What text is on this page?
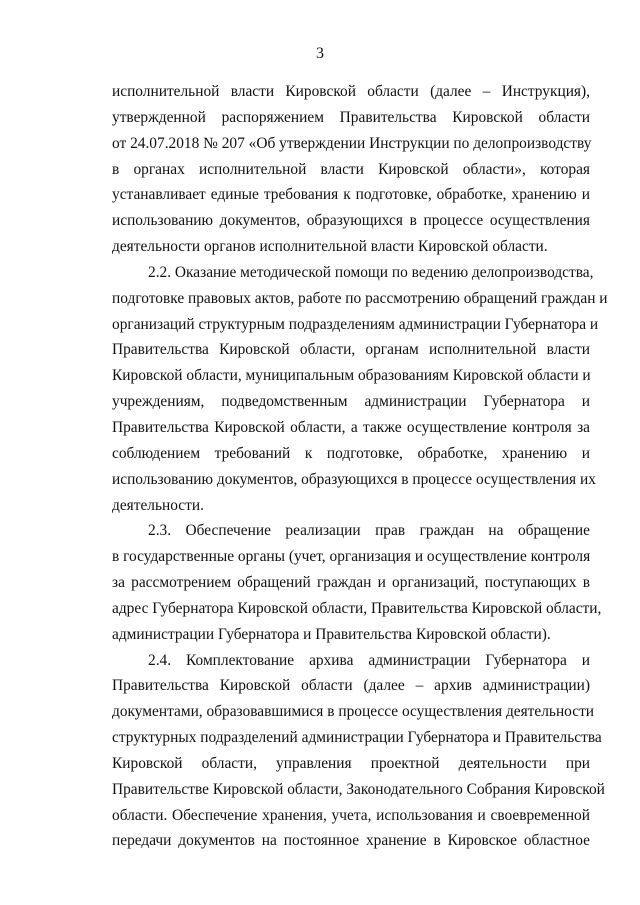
3
исполнительной власти Кировской области (далее – Инструкция),
утвержденной распоряжением Правительства Кировской области
от 24.07.2018 № 207 «Об утверждении Инструкции по делопроизводству
в органах исполнительной власти Кировской области», которая
устанавливает единые требования к подготовке, обработке, хранению и
использованию документов, образующихся в процессе осуществления
деятельности органов исполнительной власти Кировской области.
2.2. Оказание методической помощи по ведению делопроизводства,
подготовке правовых актов, работе по рассмотрению обращений граждан и
организаций структурным подразделениям администрации Губернатора и
Правительства Кировской области, органам исполнительной власти
Кировской области, муниципальным образованиям Кировской области и
учреждениям, подведомственным администрации Губернатора и
Правительства Кировской области, а также осуществление контроля за
соблюдением требований к подготовке, обработке, хранению и
использованию документов, образующихся в процессе осуществления их
деятельности.
2.3. Обеспечение реализации прав граждан на обращение
в государственные органы (учет, организация и осуществление контроля
за рассмотрением обращений граждан и организаций, поступающих в
адрес Губернатора Кировской области, Правительства Кировской области,
администрации Губернатора и Правительства Кировской области).
2.4. Комплектование архива администрации Губернатора и
Правительства Кировской области (далее – архив администрации)
документами, образовавшимися в процессе осуществления деятельности
структурных подразделений администрации Губернатора и Правительства
Кировской области, управления проектной деятельности при
Правительстве Кировской области, Законодательного Собрания Кировской
области. Обеспечение хранения, учета, использования и своевременной
передачи документов на постоянное хранение в Кировское областное
